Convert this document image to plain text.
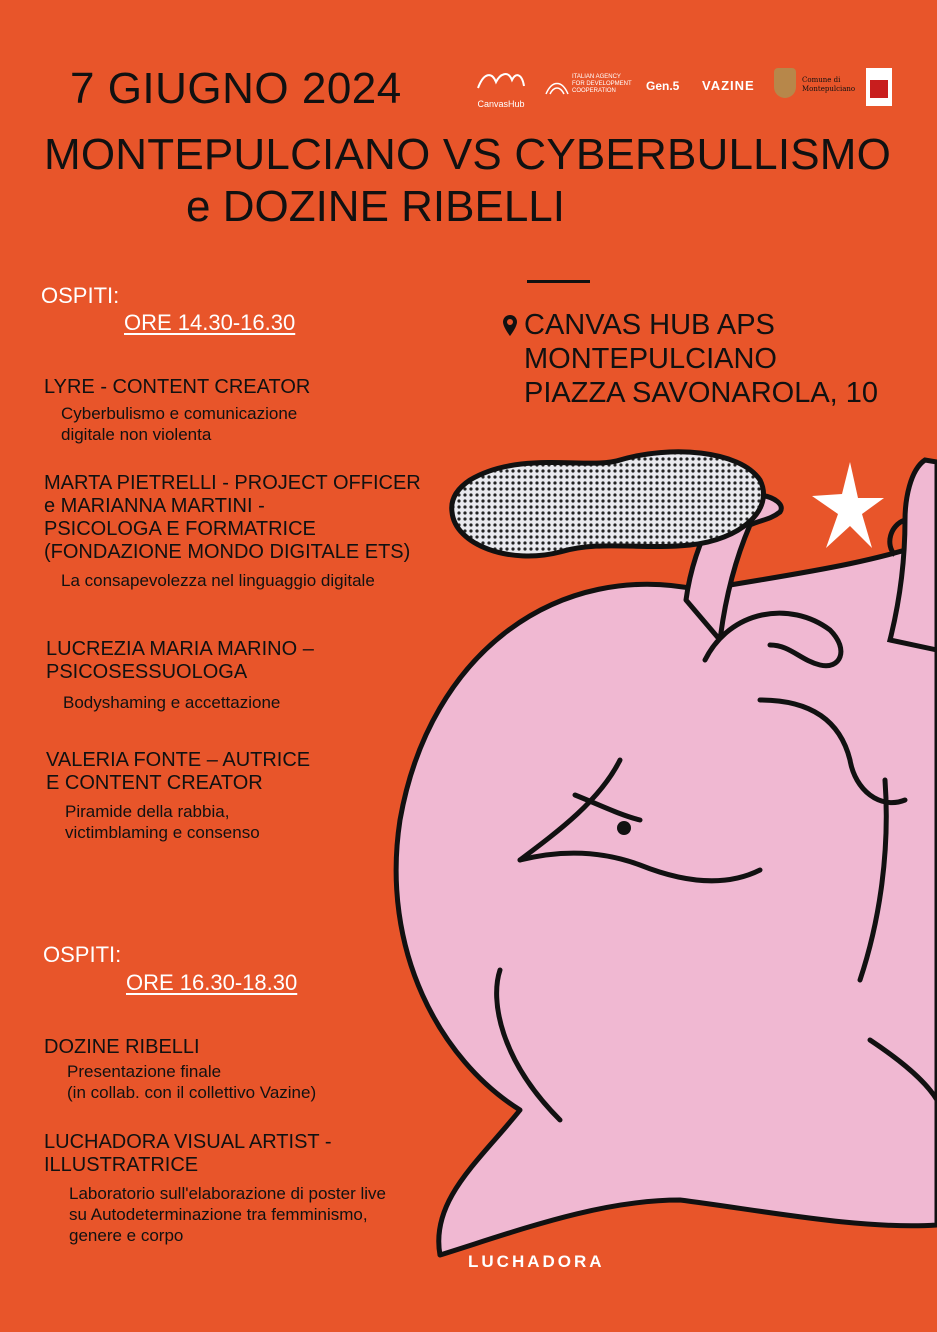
7 GIUGNO 2024
MONTEPULCIANO VS CYBERBULLISMO
e DOZINE RIBELLI
CanvasHub
ITALIAN AGENCY
FOR DEVELOPMENT
COOPERATION	Gen.5 VAZINE	Comune di
Montepulciano
CANVAS HUB APS
MONTEPULCIANO
PIAZZA SAVONAROLA, 10
OSPITI:
ORE 14.30-16.30
LYRE - CONTENT CREATOR
Cyberbulismo e comunicazione
digitale non violenta
MARTA PIETRELLI - PROJECT OFFICER
e MARIANNA MARTINI -
PSICOLOGA E FORMATRICE
(FONDAZIONE MONDO DIGITALE ETS)
La consapevolezza nel linguaggio digitale
LUCREZIA MARIA MARINO –
PSICOSESSUOLOGA
Bodyshaming e accettazione
VALERIA FONTE – AUTRICE
E CONTENT CREATOR
Piramide della rabbia,
victimblaming e consenso
OSPITI:
ORE 16.30-18.30
DOZINE RIBELLI
Presentazione finale
(in collab. con il collettivo Vazine)
LUCHADORA VISUAL ARTIST -
ILLUSTRATRICE
Laboratorio sull'elaborazione di poster live
su Autodeterminazione tra femminismo,
genere e corpo
LUCHADORA
